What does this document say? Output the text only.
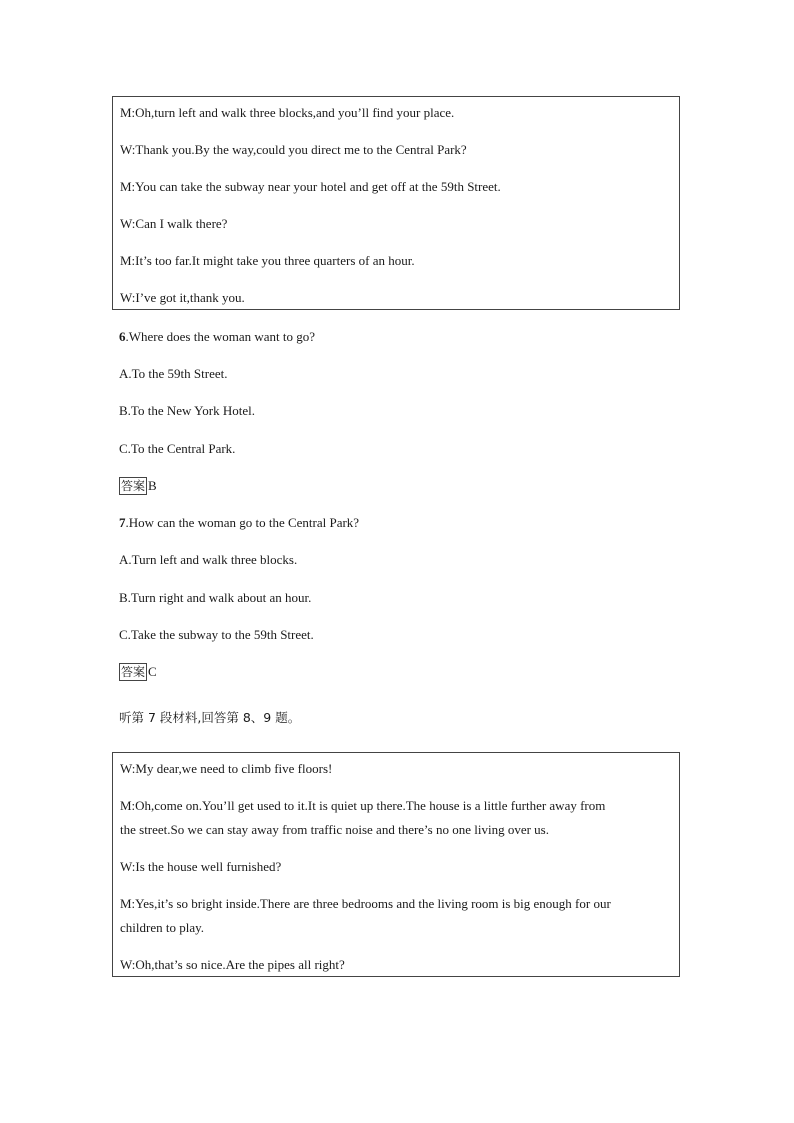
M:Oh,turn left and walk three blocks,and you’ll find your place.

W:Thank you.By the way,could you direct me to the Central Park?

M:You can take the subway near your hotel and get off at the 59th Street.

W:Can I walk there?

M:It’s too far.It might take you three quarters of an hour.

W:I’ve got it,thank you.

6.Where does the woman want to go?
A.To the 59th Street.
B.To the New York Hotel.
C.To the Central Park.
答案 B
7.How can the woman go to the Central Park?
A.Turn left and walk three blocks.
B.Turn right and walk about an hour.
C.Take the subway to the 59th Street.
答案 C
听第 7 段材料,回答第 8、9 题。

W:My dear,we need to climb five floors!

M:Oh,come on.You’ll get used to it.It is quiet up there.The house is a little further away from

the street.So we can stay away from traffic noise and there’s no one living over us.

W:Is the house well furnished?

M:Yes,it’s so bright inside.There are three bedrooms and the living room is big enough for our

children to play.

W:Oh,that’s so nice.Are the pipes all right?
